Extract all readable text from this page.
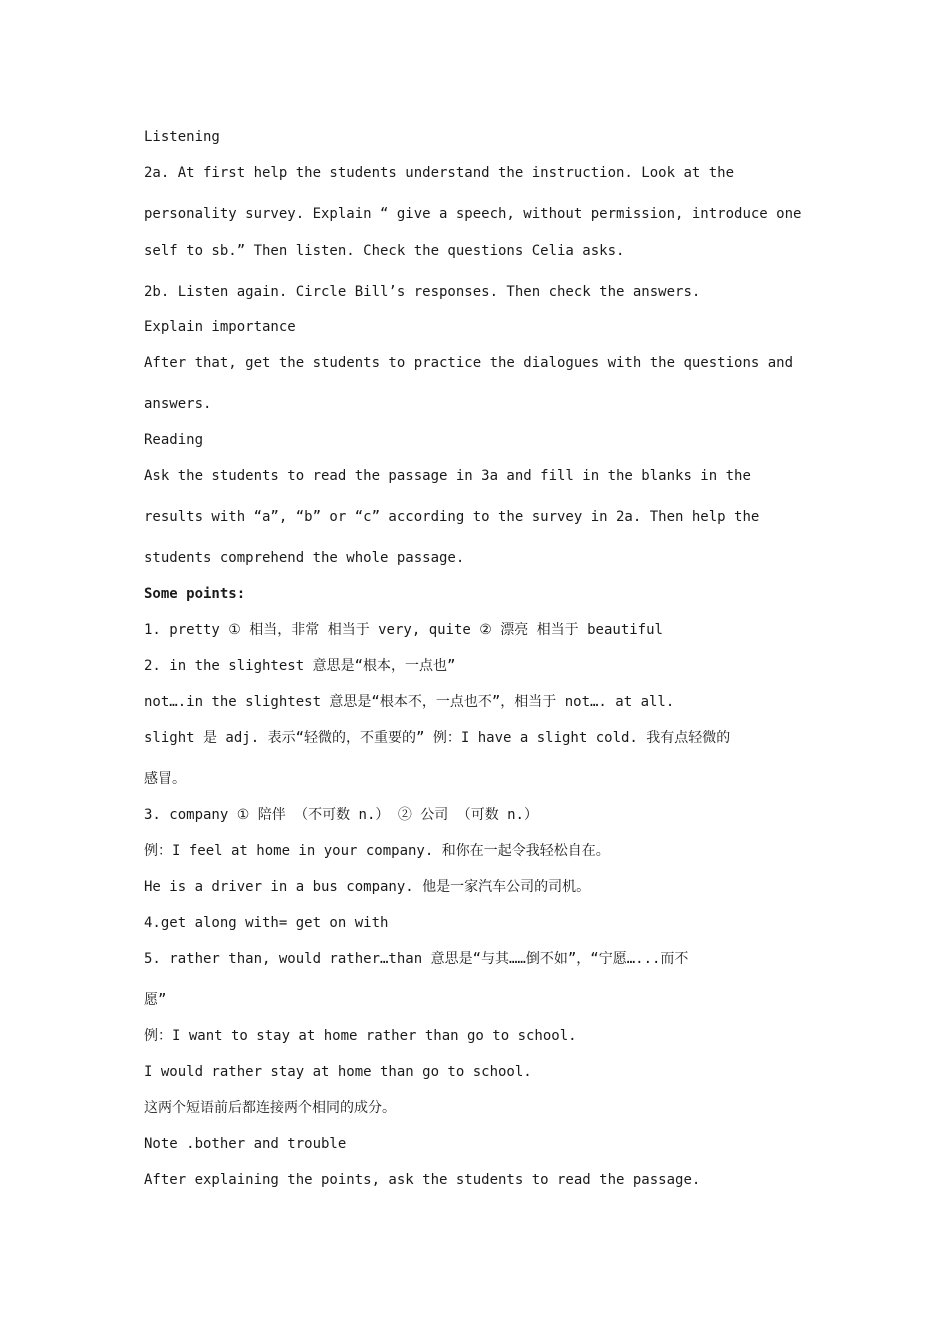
Listening
2a. At first help the students understand the instruction. Look at the
personality survey. Explain “ give a speech, without permission, introduce one
self to sb.” Then listen. Check the questions Celia asks.
2b. Listen again. Circle Bill’s responses. Then check the answers.
Explain importance
After that, get the students to practice the dialogues with the questions and
answers.
Reading
Ask the students to read the passage in 3a and fill in the blanks in the
results with “a”, “b” or “c” according to the survey in 2a. Then help the
students comprehend the whole passage.
Some points:
1. pretty ① 相当，非常 相当于 very, quite ② 漂亮 相当于 beautiful
2. in the slightest 意思是“根本，一点也”
not….in the slightest 意思是“根本不，一点也不”，相当于 not…. at all.
slight 是 adj. 表示“轻微的，不重要的” 例：I have a slight cold. 我有点轻微的
感冒。
3. company ① 陪伴 （不可数 n.） ② 公司 （可数 n.）
例：I feel at home in your company. 和你在一起令我轻松自在。
He is a driver in a bus company. 他是一家汽车公司的司机。
4.get along with= get on with
5. rather than, would rather…than 意思是“与其……倒不如”，“宁愿…...而不
愿”
例：I want to stay at home rather than go to school.
I would rather stay at home than go to school.
这两个短语前后都连接两个相同的成分。
Note .bother and trouble
After explaining the points, ask the students to read the passage.
